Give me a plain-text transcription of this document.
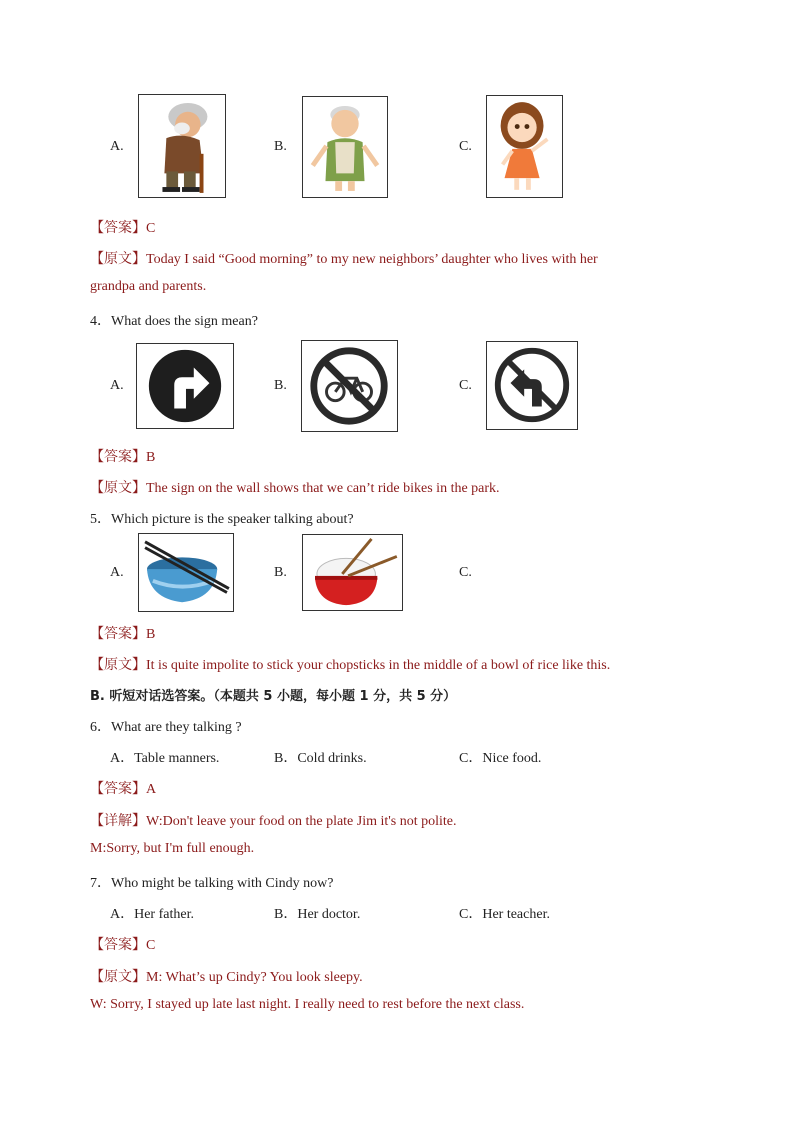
A.	B.	C.
【答案】C
【原文】Today I said “Good morning” to my new neighbors’ daughter who lives with her
grandpa and parents.
4．What does the sign mean?
A.	B.	C.
【答案】B
【原文】The sign on the wall shows that we can’t ride bikes in the park.
5．Which picture is the speaker talking about?
A.	B.	C.
【答案】B
【原文】It is quite impolite to stick your chopsticks in the middle of a bowl of rice like this.
B. 听短对话选答案。（本题共 5 小题，每小题 1 分，共 5 分）
6．What are they talking ?
A．Table manners.	B．Cold drinks.	C．Nice food.
【答案】A
【详解】W:Don't leave your food on the plate Jim it's not polite.
M:Sorry, but I'm full enough.
7．Who might be talking with Cindy now?
A．Her father.	B．Her doctor.	C．Her teacher.
【答案】C
【原文】M: What’s up Cindy? You look sleepy.
W: Sorry, I stayed up late last night. I really need to rest before the next class.
